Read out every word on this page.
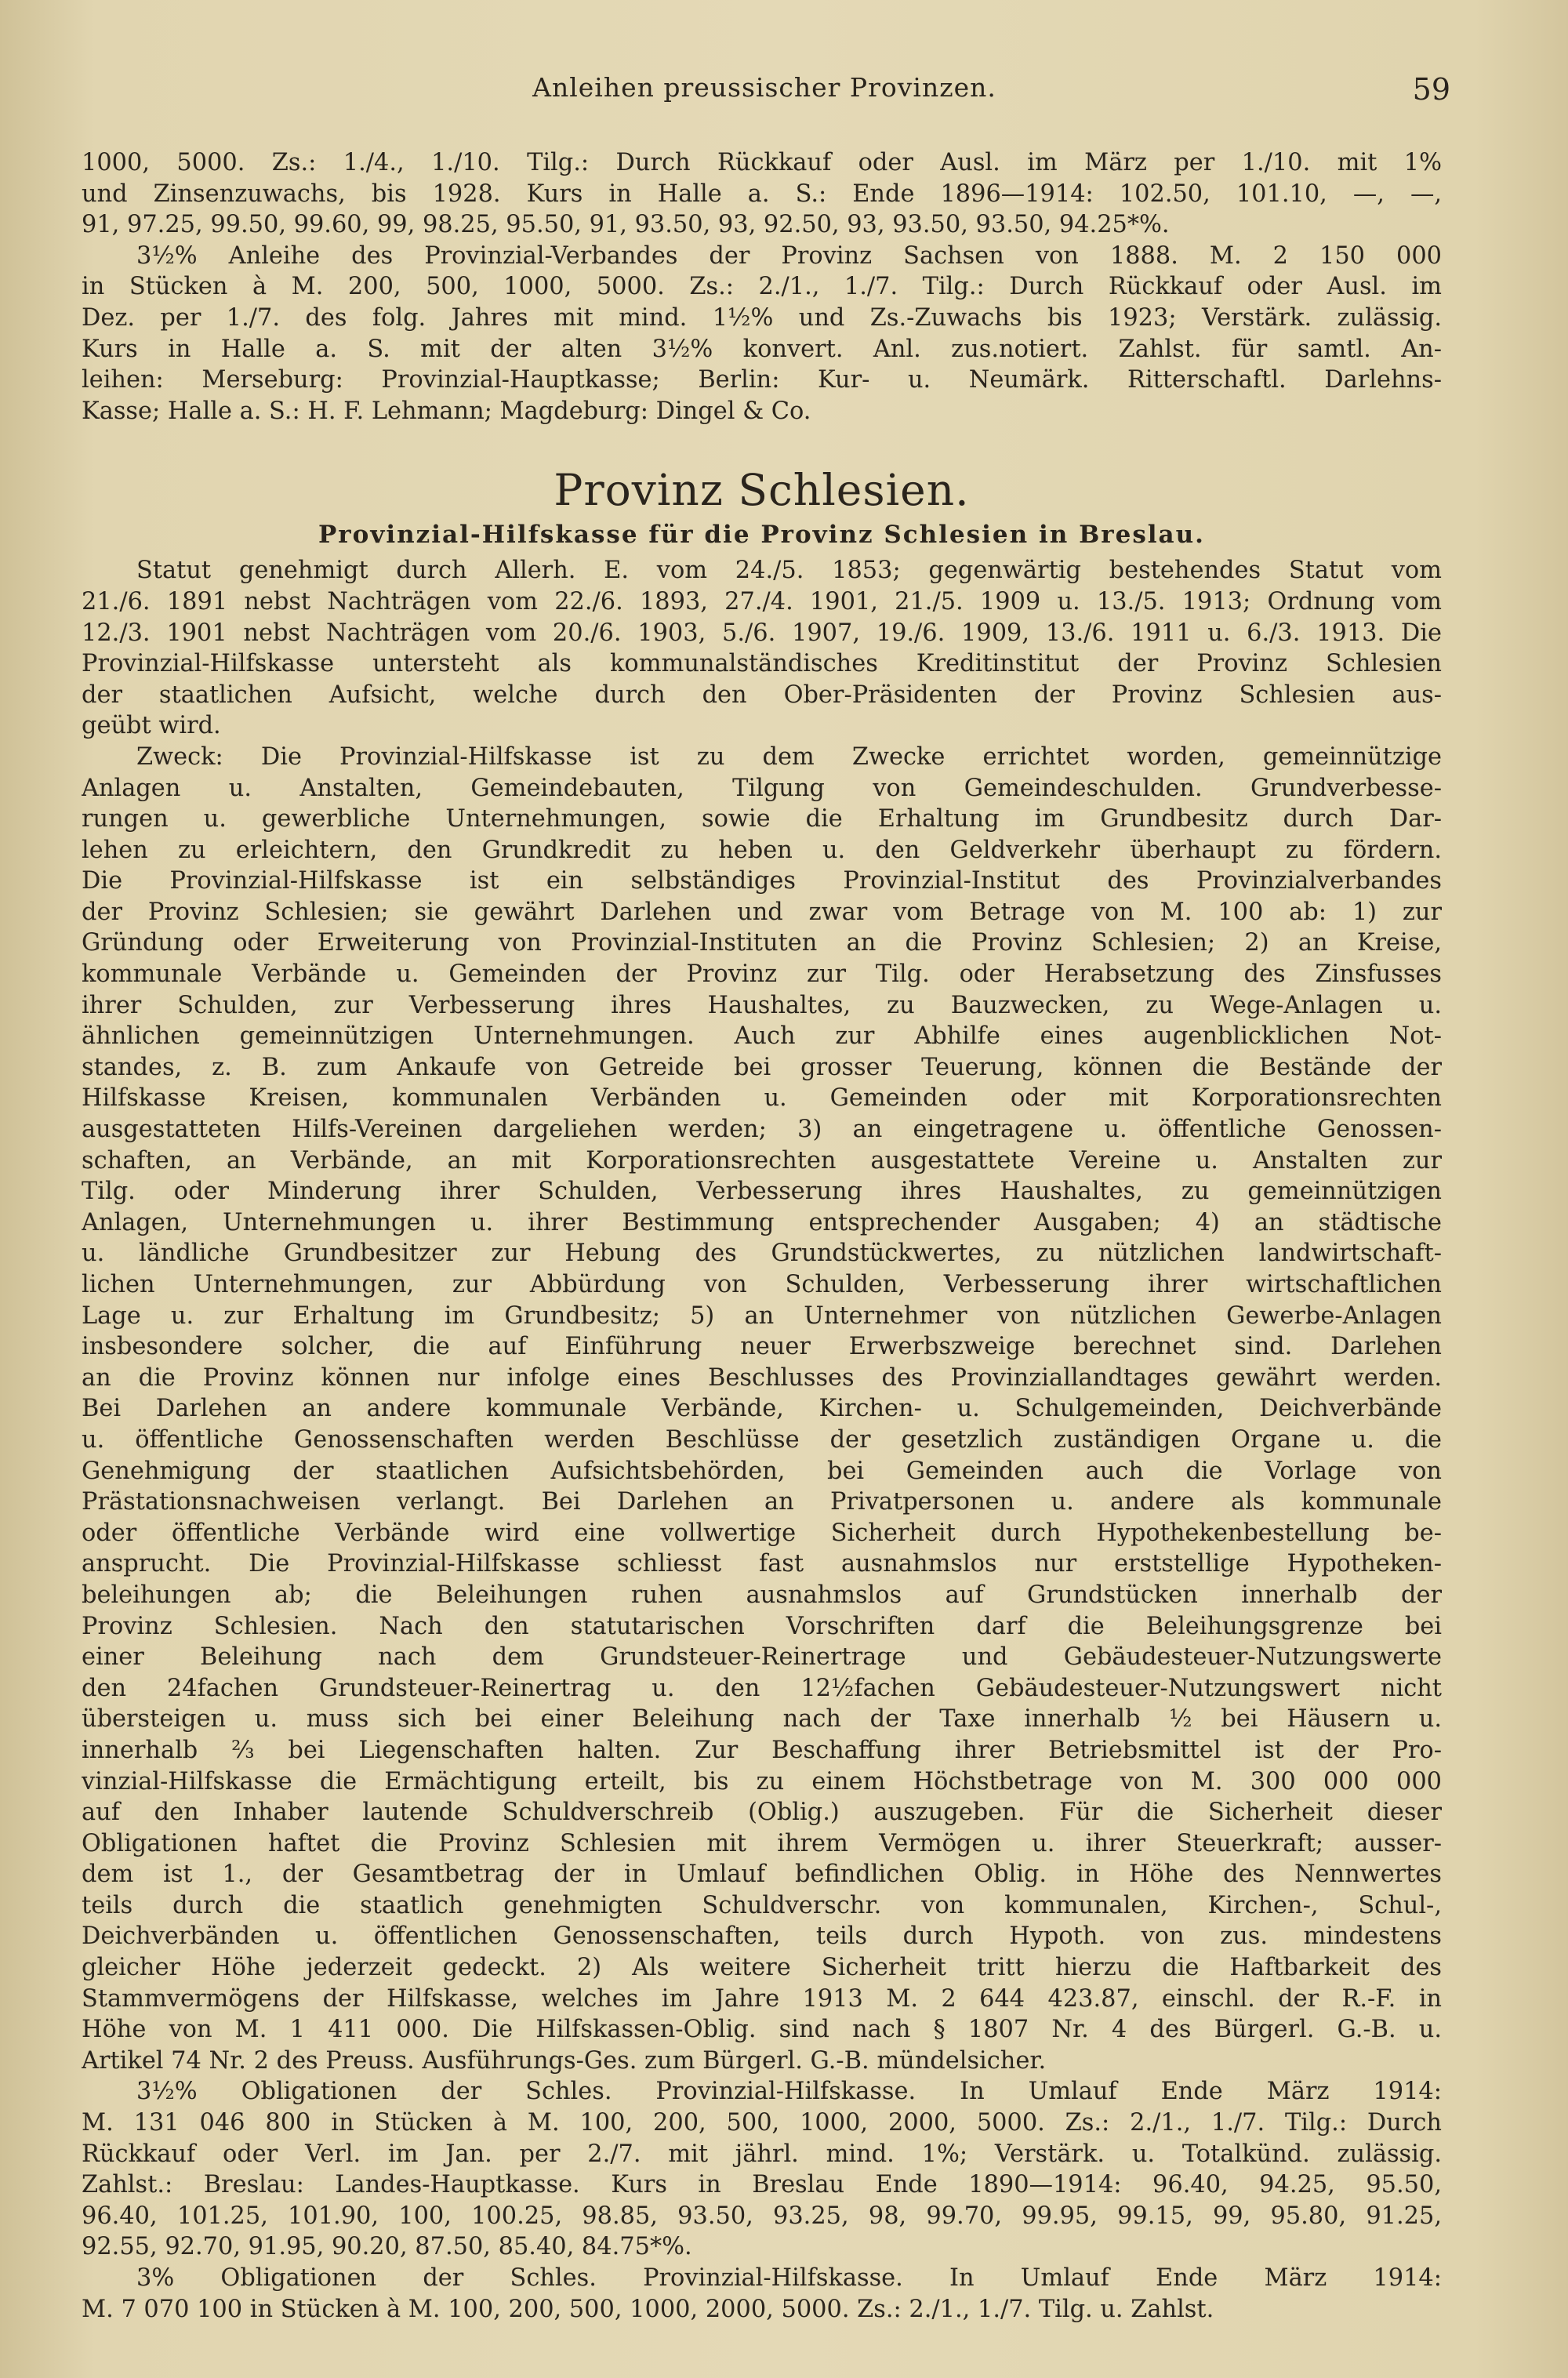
Anleihen preussischer Provinzen.	59
1000, 5000. Zs.: 1./4., 1./10. Tilg.: Durch Rückkauf oder Ausl. im März per 1./10. mit 1%
und Zinsenzuwachs, bis 1928. Kurs in Halle a. S.: Ende 1896—1914: 102.50, 101.10, —, —,
91, 97.25, 99.50, 99.60, 99, 98.25, 95.50, 91, 93.50, 93, 92.50, 93, 93.50, 93.50, 94.25*%.
3½% Anleihe des Provinzial-Verbandes der Provinz Sachsen von 1888. M. 2 150 000
in Stücken à M. 200, 500, 1000, 5000. Zs.: 2./1., 1./7. Tilg.: Durch Rückkauf oder Ausl. im
Dez. per 1./7. des folg. Jahres mit mind. 1½% und Zs.-Zuwachs bis 1923; Verstärk. zulässig.
Kurs in Halle a. S. mit der alten 3½% konvert. Anl. zus.notiert. Zahlst. für samtl. An-
leihen: Merseburg: Provinzial-Hauptkasse; Berlin: Kur- u. Neumärk. Ritterschaftl. Darlehns-
Kasse; Halle a. S.: H. F. Lehmann; Magdeburg: Dingel & Co.
Provinz Schlesien.
Provinzial-Hilfskasse für die Provinz Schlesien in Breslau.
Statut genehmigt durch Allerh. E. vom 24./5. 1853; gegenwärtig bestehendes Statut vom
21./6. 1891 nebst Nachträgen vom 22./6. 1893, 27./4. 1901, 21./5. 1909 u. 13./5. 1913; Ordnung vom
12./3. 1901 nebst Nachträgen vom 20./6. 1903, 5./6. 1907, 19./6. 1909, 13./6. 1911 u. 6./3. 1913. Die
Provinzial-Hilfskasse untersteht als kommunalständisches Kreditinstitut der Provinz Schlesien
der staatlichen Aufsicht, welche durch den Ober-Präsidenten der Provinz Schlesien aus-
geübt wird.
Zweck: Die Provinzial-Hilfskasse ist zu dem Zwecke errichtet worden, gemeinnützige
Anlagen u. Anstalten, Gemeindebauten, Tilgung von Gemeindeschulden. Grundverbesse-
rungen u. gewerbliche Unternehmungen, sowie die Erhaltung im Grundbesitz durch Dar-
lehen zu erleichtern, den Grundkredit zu heben u. den Geldverkehr überhaupt zu fördern.
Die Provinzial-Hilfskasse ist ein selbständiges Provinzial-Institut des Provinzialverbandes
der Provinz Schlesien; sie gewährt Darlehen und zwar vom Betrage von M. 100 ab: 1) zur
Gründung oder Erweiterung von Provinzial-Instituten an die Provinz Schlesien; 2) an Kreise,
kommunale Verbände u. Gemeinden der Provinz zur Tilg. oder Herabsetzung des Zinsfusses
ihrer Schulden, zur Verbesserung ihres Haushaltes, zu Bauzwecken, zu Wege-Anlagen u.
ähnlichen gemeinnützigen Unternehmungen. Auch zur Abhilfe eines augenblicklichen Not-
standes, z. B. zum Ankaufe von Getreide bei grosser Teuerung, können die Bestände der
Hilfskasse Kreisen, kommunalen Verbänden u. Gemeinden oder mit Korporationsrechten
ausgestatteten Hilfs-Vereinen dargeliehen werden; 3) an eingetragene u. öffentliche Genossen-
schaften, an Verbände, an mit Korporationsrechten ausgestattete Vereine u. Anstalten zur
Tilg. oder Minderung ihrer Schulden, Verbesserung ihres Haushaltes, zu gemeinnützigen
Anlagen, Unternehmungen u. ihrer Bestimmung entsprechender Ausgaben; 4) an städtische
u. ländliche Grundbesitzer zur Hebung des Grundstückwertes, zu nützlichen landwirtschaft-
lichen Unternehmungen, zur Abbürdung von Schulden, Verbesserung ihrer wirtschaftlichen
Lage u. zur Erhaltung im Grundbesitz; 5) an Unternehmer von nützlichen Gewerbe-Anlagen
insbesondere solcher, die auf Einführung neuer Erwerbszweige berechnet sind. Darlehen
an die Provinz können nur infolge eines Beschlusses des Provinziallandtages gewährt werden.
Bei Darlehen an andere kommunale Verbände, Kirchen- u. Schulgemeinden, Deichverbände
u. öffentliche Genossenschaften werden Beschlüsse der gesetzlich zuständigen Organe u. die
Genehmigung der staatlichen Aufsichtsbehörden, bei Gemeinden auch die Vorlage von
Prästationsnachweisen verlangt. Bei Darlehen an Privatpersonen u. andere als kommunale
oder öffentliche Verbände wird eine vollwertige Sicherheit durch Hypothekenbestellung be-
ansprucht. Die Provinzial-Hilfskasse schliesst fast ausnahmslos nur erststellige Hypotheken-
beleihungen ab; die Beleihungen ruhen ausnahmslos auf Grundstücken innerhalb der
Provinz Schlesien. Nach den statutarischen Vorschriften darf die Beleihungsgrenze bei
einer Beleihung nach dem Grundsteuer-Reinertrage und Gebäudesteuer-Nutzungswerte
den 24fachen Grundsteuer-Reinertrag u. den 12½fachen Gebäudesteuer-Nutzungswert nicht
übersteigen u. muss sich bei einer Beleihung nach der Taxe innerhalb ½ bei Häusern u.
innerhalb ⅔ bei Liegenschaften halten. Zur Beschaffung ihrer Betriebsmittel ist der Pro-
vinzial-Hilfskasse die Ermächtigung erteilt, bis zu einem Höchstbetrage von M. 300 000 000
auf den Inhaber lautende Schuldverschreib (Oblig.) auszugeben. Für die Sicherheit dieser
Obligationen haftet die Provinz Schlesien mit ihrem Vermögen u. ihrer Steuerkraft; ausser-
dem ist 1., der Gesamtbetrag der in Umlauf befindlichen Oblig. in Höhe des Nennwertes
teils durch die staatlich genehmigten Schuldverschr. von kommunalen, Kirchen-, Schul-,
Deichverbänden u. öffentlichen Genossenschaften, teils durch Hypoth. von zus. mindestens
gleicher Höhe jederzeit gedeckt. 2) Als weitere Sicherheit tritt hierzu die Haftbarkeit des
Stammvermögens der Hilfskasse, welches im Jahre 1913 M. 2 644 423.87, einschl. der R.-F. in
Höhe von M. 1 411 000. Die Hilfskassen-Oblig. sind nach § 1807 Nr. 4 des Bürgerl. G.-B. u.
Artikel 74 Nr. 2 des Preuss. Ausführungs-Ges. zum Bürgerl. G.-B. mündelsicher.
3½% Obligationen der Schles. Provinzial-Hilfskasse. In Umlauf Ende März 1914:
M. 131 046 800 in Stücken à M. 100, 200, 500, 1000, 2000, 5000. Zs.: 2./1., 1./7. Tilg.: Durch
Rückkauf oder Verl. im Jan. per 2./7. mit jährl. mind. 1%; Verstärk. u. Totalkünd. zulässig.
Zahlst.: Breslau: Landes-Hauptkasse. Kurs in Breslau Ende 1890—1914: 96.40, 94.25, 95.50,
96.40, 101.25, 101.90, 100, 100.25, 98.85, 93.50, 93.25, 98, 99.70, 99.95, 99.15, 99, 95.80, 91.25,
92.55, 92.70, 91.95, 90.20, 87.50, 85.40, 84.75*%.
3% Obligationen der Schles. Provinzial-Hilfskasse. In Umlauf Ende März 1914:
M. 7 070 100 in Stücken à M. 100, 200, 500, 1000, 2000, 5000. Zs.: 2./1., 1./7. Tilg. u. Zahlst.
